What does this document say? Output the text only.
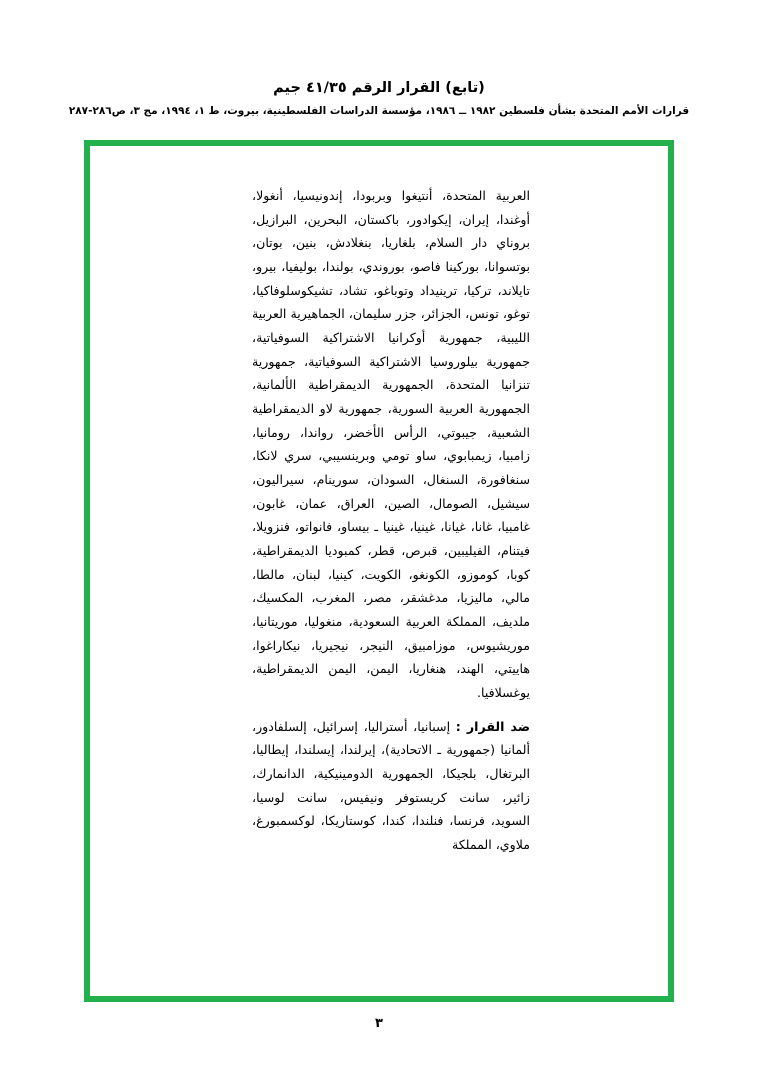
(تابع) القرار الرقم ٤١/٣٥ جيم
قرارات الأمم المتحدة بشأن فلسطين ١٩٨٢ ــ ١٩٨٦، مؤسسة الدراسات الفلسطينية، بيروت، ط ١، ١٩٩٤، مج ٣، ص٢٨٦-٢٨٧

العربية المتحدة، أنتيغوا وبربودا، إندونيسيا، أنغولا، أوغندا، إيران، إيكوادور، باكستان، البحرين، البرازيل، بروناي دار السلام، بلغاريا، بنغلادش، بنين، بوتان، بوتسوانا، بوركينا فاصو، بوروندي، بولندا، بوليفيا، بيرو، تايلاند، تركيا، ترينيداد وتوباغو، تشاد، تشيكوسلوفاكيا، توغو، تونس، الجزائر، جزر سليمان، الجماهيرية العربية الليبية، جمهورية أوكرانيا الاشتراكية السوفياتية، جمهورية بيلوروسيا الاشتراكية السوفياتية، جمهورية تنزانيا المتحدة، الجمهورية الديمقراطية الألمانية، الجمهورية العربية السورية، جمهورية لاو الديمقراطية الشعبية، جيبوتي، الرأس الأخضر، رواندا، رومانيا، زامبيا، زيمبابوي، ساو تومي وبرينسيبي، سري لانكا، سنغافورة، السنغال، السودان، سورينام، سيراليون، سيشيل، الصومال، الصين، العراق، عمان، غابون، غامبيا، غانا، غيانا، غينيا، غينيا ـ بيساو، فانواتو، فنزويلا، فيتنام، الفيليبين، قبرص، قطر، كمبوديا الديمقراطية، كوبا، كوموزو، الكونغو، الكويت، كينيا، لبنان، مالطا، مالي، ماليزيا، مدغشقر، مصر، المغرب، المكسيك، ملديف، المملكة العربية السعودية، منغوليا، موريتانيا، موريشيوس، موزامبيق، النيجر، نيجيريا، نيكاراغوا، هاييتي، الهند، هنغاريا، اليمن، اليمن الديمقراطية، يوغسلافيا.

ضد القرار : إسبانيا، أستراليا، إسرائيل، إلسلفادور، ألمانيا (جمهورية ـ الاتحادية)، إيرلندا، إيسلندا، إيطاليا، البرتغال، بلجيكا، الجمهورية الدومينيكية، الدانمارك، زائير، سانت كريستوفر ونيفيس، سانت لوسيا، السويد، فرنسا، فنلندا، كندا، كوستاريكا، لوكسمبورغ، ملاوي، المملكة

٣
